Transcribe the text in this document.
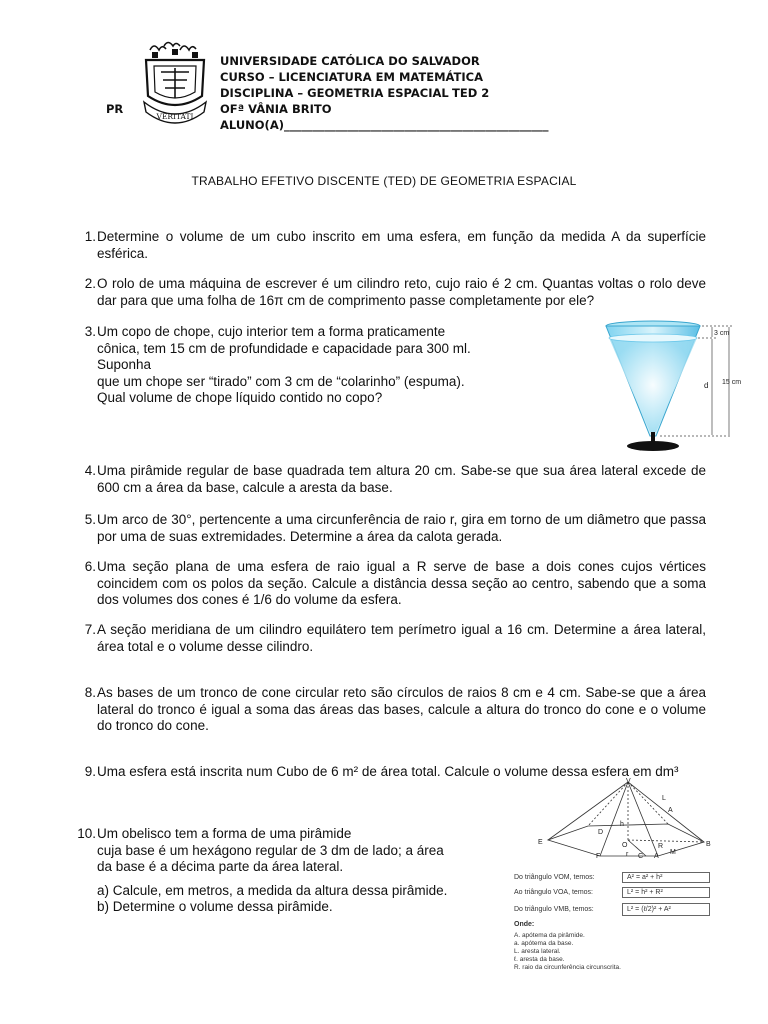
VERITATI
PR
UNIVERSIDADE CATÓLICA DO SALVADOR
CURSO – LICENCIATURA EM MATEMÁTICA
DISCIPLINA – GEOMETRIA ESPACIAL TED 2
OFª VÂNIA BRITO
ALUNO(A)______________________________________________
TRABALHO EFETIVO DISCENTE (TED) DE GEOMETRIA ESPACIAL
1. Determine o volume de um cubo inscrito em uma esfera, em função da medida A da superfície esférica.
2. O rolo de uma máquina de escrever é um cilindro reto, cujo raio é 2 cm. Quantas voltas o rolo deve dar para que uma folha de 16π cm de comprimento passe completamente por ele?
3. Um copo de chope, cujo interior tem a forma praticamente
cônica, tem 15 cm de profundidade e capacidade para 300 ml.
Suponha
que um chope ser “tirado” com 3 cm de “colarinho” (espuma).
Qual volume de chope líquido contido no copo?
3 cm
d 15 cm
4. Uma pirâmide regular de base quadrada tem altura 20 cm. Sabe-se que sua área lateral excede de 600 cm a área da base, calcule a aresta da base.
5. Um arco de 30°, pertencente a uma circunferência de raio r, gira em torno de um diâmetro que passa por uma de suas extremidades. Determine a área da calota gerada.
6. Uma seção plana de uma esfera de raio igual a R serve de base a dois cones cujos vértices coincidem com os polos da seção. Calcule a distância dessa seção ao centro, sabendo que a soma dos volumes dos cones é 1/6 do volume da esfera.
7. A seção meridiana de um cilindro equilátero tem perímetro igual a 16 cm. Determine a área lateral, área total e o volume desse cilindro.
8. As bases de um tronco de cone circular reto são círculos de raios 8 cm e 4 cm. Sabe-se que a área lateral do tronco é igual a soma das áreas das bases, calcule a altura do tronco do cone e o volume do tronco do cone.
9. Uma esfera está inscrita num Cubo de 6 m² de área total. Calcule o volume dessa esfera em dm³
10. Um obelisco tem a forma de uma pirâmide
cuja base é um hexágono regular de 3 dm de lado; a área
da base é a décima parte da área lateral.
a) Calcule, em metros, a medida da altura dessa pirâmide.
b) Determine o volume dessa pirâmide.
V
L
A
h
D
E	O	B
F	r	M
A
R
C
Do triângulo VOM, temos:	A² = a² + h²
Ao triângulo VOA, temos:	L² = h² + R²
Do triângulo VMB, temos:	L² = (ℓ/2)² + A²
Onde:
A. apótema da pirâmide.
a. apótema da base.
L. aresta lateral.
ℓ. aresta da base.
R. raio da circunferência circunscrita.
